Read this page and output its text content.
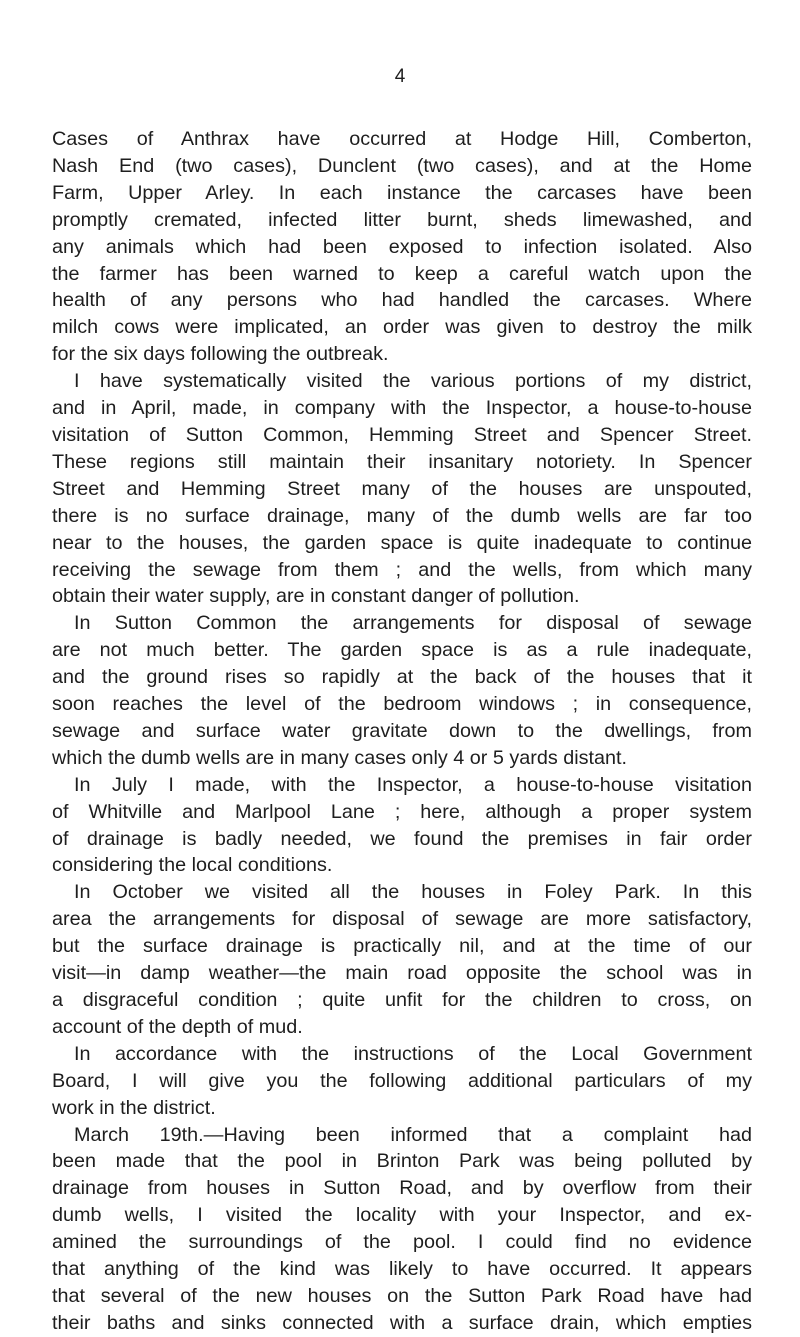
4
Cases of Anthrax have occurred at Hodge Hill, Comberton,
Nash End (two cases), Dunclent (two cases), and at the Home
Farm, Upper Arley. In each instance the carcases have been
promptly cremated, infected litter burnt, sheds limewashed, and
any animals which had been exposed to infection isolated. Also
the farmer has been warned to keep a careful watch upon the
health of any persons who had handled the carcases. Where
milch cows were implicated, an order was given to destroy the milk
for the six days following the outbreak.
I have systematically visited the various portions of my district,
and in April, made, in company with the Inspector, a house-to-house
visitation of Sutton Common, Hemming Street and Spencer Street.
These regions still maintain their insanitary notoriety. In Spencer
Street and Hemming Street many of the houses are unspouted,
there is no surface drainage, many of the dumb wells are far too
near to the houses, the garden space is quite inadequate to continue
receiving the sewage from them ; and the wells, from which many
obtain their water supply, are in constant danger of pollution.
In Sutton Common the arrangements for disposal of sewage
are not much better. The garden space is as a rule inadequate,
and the ground rises so rapidly at the back of the houses that it
soon reaches the level of the bedroom windows ; in consequence,
sewage and surface water gravitate down to the dwellings, from
which the dumb wells are in many cases only 4 or 5 yards distant.
In July I made, with the Inspector, a house-to-house visitation
of Whitville and Marlpool Lane ; here, although a proper system
of drainage is badly needed, we found the premises in fair order
considering the local conditions.
In October we visited all the houses in Foley Park. In this
area the arrangements for disposal of sewage are more satisfactory,
but the surface drainage is practically nil, and at the time of our
visit—in damp weather—the main road opposite the school was in
a disgraceful condition ; quite unfit for the children to cross, on
account of the depth of mud.
In accordance with the instructions of the Local Government
Board, I will give you the following additional particulars of my
work in the district.
March 19th.—Having been informed that a complaint had
been made that the pool in Brinton Park was being polluted by
drainage from houses in Sutton Road, and by overflow from their
dumb wells, I visited the locality with your Inspector, and ex-
amined the surroundings of the pool. I could find no evidence
that anything of the kind was likely to have occurred. It appears
that several of the new houses on the Sutton Park Road have had
their baths and sinks connected with a surface drain, which empties
